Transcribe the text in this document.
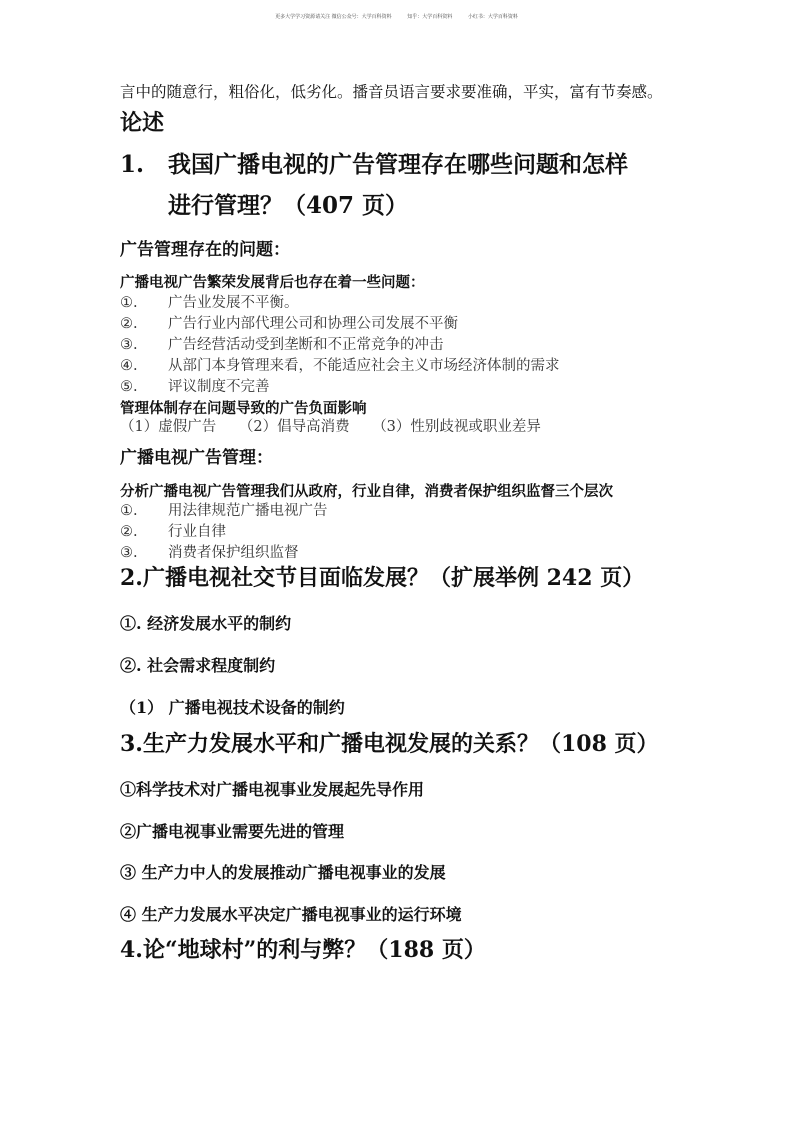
更多大学学习资源请关注 微信公众号：大学百科资料	知乎：大学百科资料	小红书：大学百科资料
言中的随意行，粗俗化，低劣化。播音员语言要求要准确，平实，富有节奏感。
论述
1. 我国广播电视的广告管理存在哪些问题和怎样
进行管理？（407 页）
广告管理存在的问题：
广播电视广告繁荣发展背后也存在着一些问题：
①. 广告业发展不平衡。
②. 广告行业内部代理公司和协理公司发展不平衡
③. 广告经营活动受到垄断和不正常竞争的冲击
④. 从部门本身管理来看，不能适应社会主义市场经济体制的需求
⑤. 评议制度不完善
管理体制存在问题导致的广告负面影响
（1）虚假广告 （2）倡导高消费 （3）性别歧视或职业差异
广播电视广告管理：
分析广播电视广告管理我们从政府，行业自律，消费者保护组织监督三个层次
①. 用法律规范广播电视广告
②. 行业自律
③. 消费者保护组织监督
2.广播电视社交节目面临发展？（扩展举例 242 页）
①. 经济发展水平的制约
②. 社会需求程度制约
（1） 广播电视技术设备的制约
3.生产力发展水平和广播电视发展的关系？（108 页）
①科学技术对广播电视事业发展起先导作用
②广播电视事业需要先进的管理
③ 生产力中人的发展推动广播电视事业的发展
④ 生产力发展水平决定广播电视事业的运行环境
4.论“地球村”的利与弊？（188 页）
